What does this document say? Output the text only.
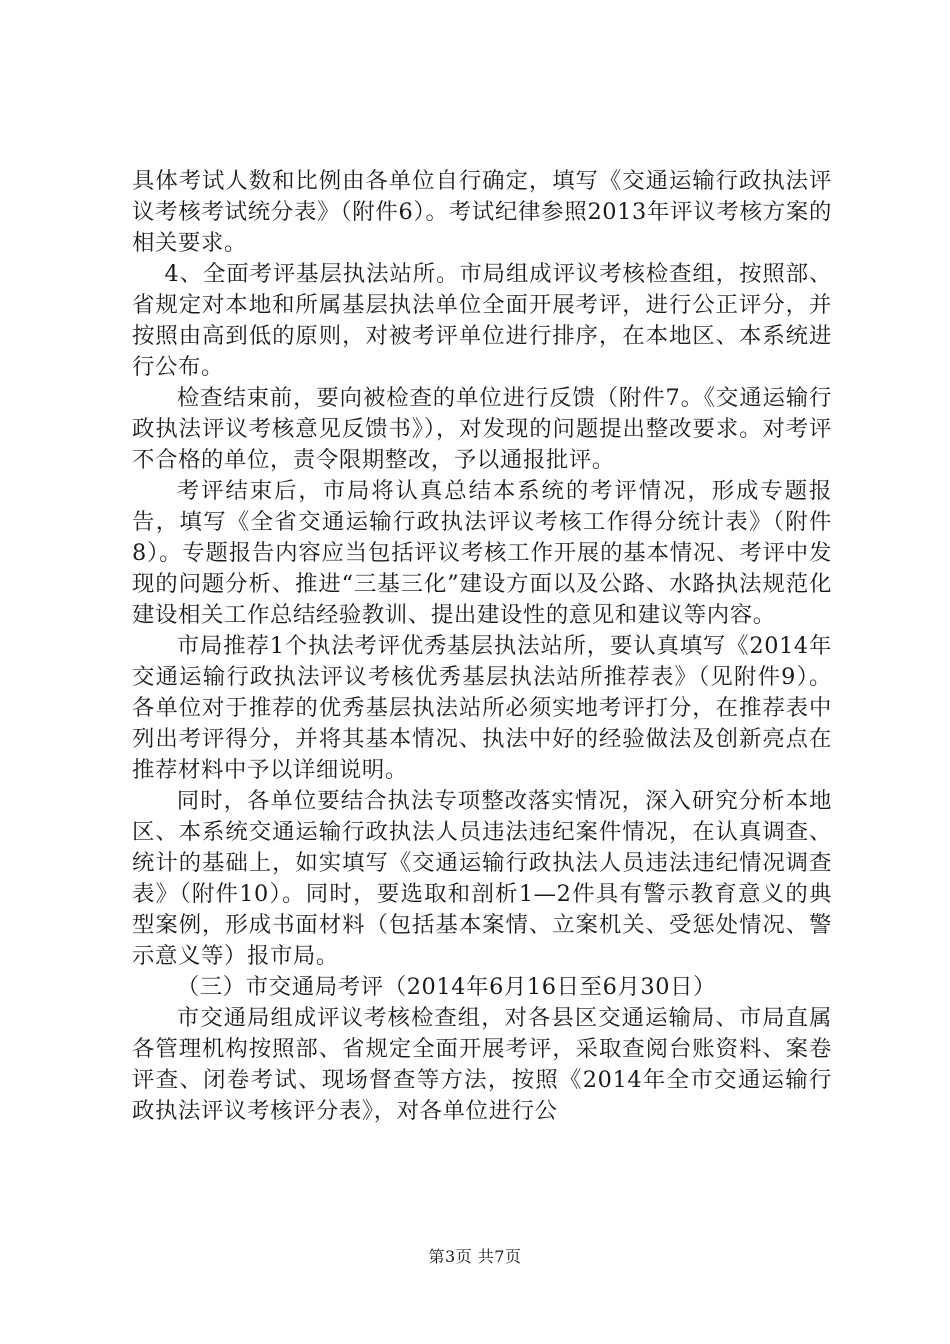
具体考试人数和比例由各单位自行确定，填写《交通运输行政执法评议考核考试统分表》（附件6）。考试纪律参照2013年评议考核方案的相关要求。

4、全面考评基层执法站所。市局组成评议考核检查组，按照部、省规定对本地和所属基层执法单位全面开展考评，进行公正评分，并按照由高到低的原则，对被考评单位进行排序，在本地区、本系统进行公布。

检查结束前，要向被检查的单位进行反馈（附件7。《交通运输行政执法评议考核意见反馈书》），对发现的问题提出整改要求。对考评不合格的单位，责令限期整改，予以通报批评。

考评结束后，市局将认真总结本系统的考评情况，形成专题报告，填写《全省交通运输行政执法评议考核工作得分统计表》（附件8）。专题报告内容应当包括评议考核工作开展的基本情况、考评中发现的问题分析、推进“三基三化”建设方面以及公路、水路执法规范化建设相关工作总结经验教训、提出建设性的意见和建议等内容。

市局推荐1个执法考评优秀基层执法站所，要认真填写《2014年交通运输行政执法评议考核优秀基层执法站所推荐表》（见附件9）。各单位对于推荐的优秀基层执法站所必须实地考评打分，在推荐表中列出考评得分，并将其基本情况、执法中好的经验做法及创新亮点在推荐材料中予以详细说明。

同时，各单位要结合执法专项整改落实情况，深入研究分析本地区、本系统交通运输行政执法人员违法违纪案件情况，在认真调查、统计的基础上，如实填写《交通运输行政执法人员违法违纪情况调查表》（附件10）。同时，要选取和剖析1—2件具有警示教育意义的典型案例，形成书面材料（包括基本案情、立案机关、受惩处情况、警示意义等）报市局。

（三）市交通局考评（2014年6月16日至6月30日）

市交通局组成评议考核检查组，对各县区交通运输局、市局直属各管理机构按照部、省规定全面开展考评，采取查阅台账资料、案卷评查、闭卷考试、现场督查等方法，按照《2014年全市交通运输行政执法评议考核评分表》，对各单位进行公

第3页 共7页
